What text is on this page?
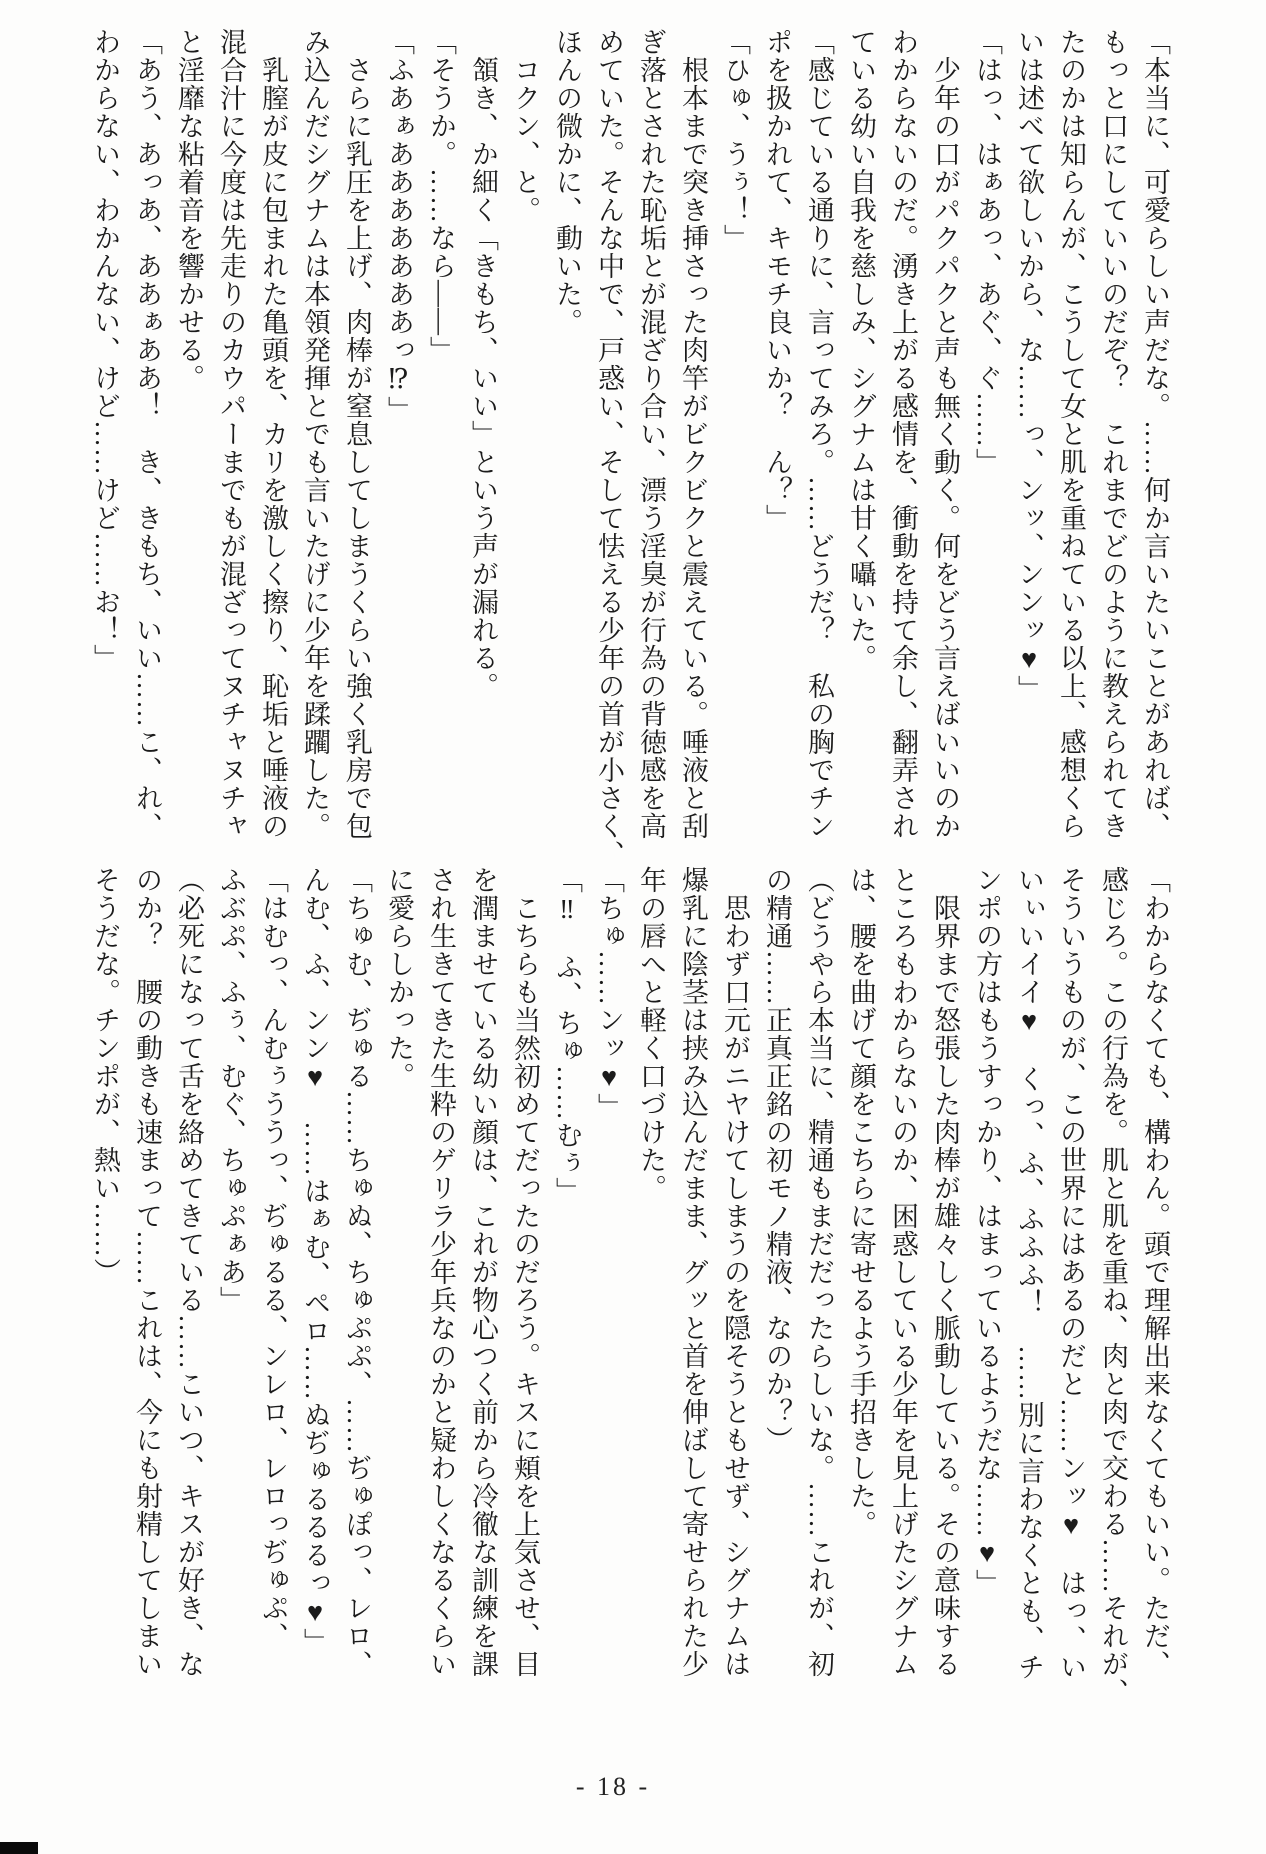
「本当に、可愛らしい声だな。……何か言いたいことがあれば、
もっと口にしていいのだぞ？　これまでどのように教えられてき
たのかは知らんが、こうして女と肌を重ねている以上、感想くら
いは述べて欲しいから、な……っ、ンッ、ンンッ♥」
「はっ、はぁあっ、あぐ、ぐ……」
　少年の口がパクパクと声も無く動く。何をどう言えばいいのか
わからないのだ。湧き上がる感情を、衝動を持て余し、翻弄され
ている幼い自我を慈しみ、シグナムは甘く囁いた。
「感じている通りに、言ってみろ。……どうだ？　私の胸でチン
ポを扱かれて、キモチ良いか？　ん？」
「ひゅ、うぅ！」
　根本まで突き挿さった肉竿がビクビクと震えている。唾液と刮
ぎ落とされた恥垢とが混ざり合い、漂う淫臭が行為の背徳感を高
めていた。そんな中で、戸惑い、そして怯える少年の首が小さく、
ほんの微かに、動いた。
　コクン、と。
　頷き、か細く「きもち、いい」という声が漏れる。
「そうか。……なら――」
「ふあぁあああああああっ⁉」
　さらに乳圧を上げ、肉棒が窒息してしまうくらい強く乳房で包
み込んだシグナムは本領発揮とでも言いたげに少年を蹂躙した。
　乳膣が皮に包まれた亀頭を、カリを激しく擦り、恥垢と唾液の
混合汁に今度は先走りのカウパーまでもが混ざってヌチャヌチャ
と淫靡な粘着音を響かせる。
「あう、あっあ、ああぁああ！　き、きもち、いい……こ、れ、
わからない、わかんない、けど……けど……お！」
「わからなくても、構わん。頭で理解出来なくてもいい。ただ、
感じろ。この行為を。肌と肌を重ね、肉と肉で交わる……それが、
そういうものが、この世界にはあるのだと……ンッ♥　はっ、い
いぃいイイ♥　くっ、ふ、ふふふ！　……別に言わなくとも、チ
ンポの方はもうすっかり、はまっているようだな……♥」
　限界まで怒張した肉棒が雄々しく脈動している。その意味する
ところもわからないのか、困惑している少年を見上げたシグナム
は、腰を曲げて顔をこちらに寄せるよう手招きした。
（どうやら本当に、精通もまだだったらしいな。……これが、初
の精通……正真正銘の初モノ精液、なのか？）
　思わず口元がニヤけてしまうのを隠そうともせず、シグナムは
爆乳に陰茎は挟み込んだまま、グッと首を伸ばして寄せられた少
年の唇へと軽く口づけた。
「ちゅ……ンッ♥」
「‼　ふ、ちゅ……むぅ」
　こちらも当然初めてだったのだろう。キスに頬を上気させ、目
を潤ませている幼い顔は、これが物心つく前から冷徹な訓練を課
され生きてきた生粋のゲリラ少年兵なのかと疑わしくなるくらい
に愛らしかった。
「ちゅむ、ぢゅる……ちゅぬ、ちゅぷぷ、……ぢゅぽっ、レロ、
んむ、ふ、ンン♥　……はぁむ、ペロ……ぬぢゅるるるっ♥」
「はむっ、んむぅううっ、ぢゅるる、ンレロ、レロっぢゅぷ、
ふぶぷ、ふぅ、むぐ、ちゅぷぁあ」
（必死になって舌を絡めてきている……こいつ、キスが好き、な
のか？　腰の動きも速まって……これは、今にも射精してしまい
そうだな。チンポが、熱い……）
- 18 -
